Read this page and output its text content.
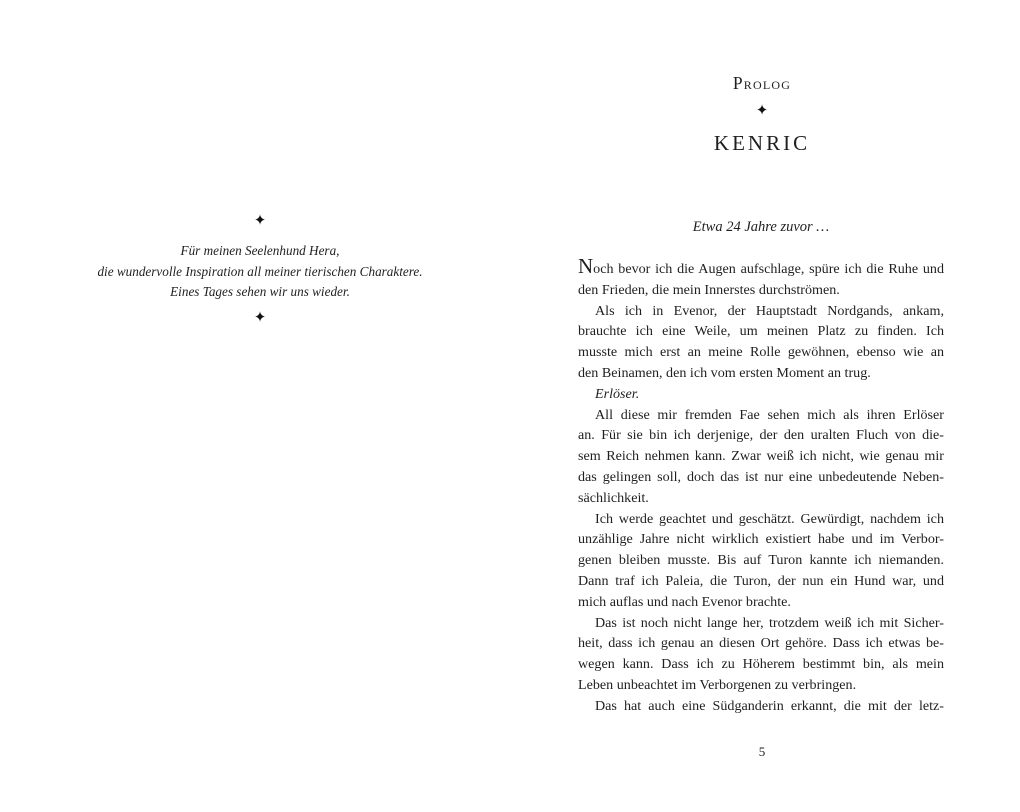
✦
Für meinen Seelenhund Hera,
die wundervolle Inspiration all meiner tierischen Charaktere.
Eines Tages sehen wir uns wieder.
✦
Prolog
✦
KENRIC
Etwa 24 Jahre zuvor …

Noch bevor ich die Augen aufschlage, spüre ich die Ruhe und

den Frieden, die mein Innerstes durchströmen.

Als ich in Evenor, der Hauptstadt Nordgands, ankam,

brauchte ich eine Weile, um meinen Platz zu finden. Ich

musste mich erst an meine Rolle gewöhnen, ebenso wie an

den Beinamen, den ich vom ersten Moment an trug.

Erlöser.

All diese mir fremden Fae sehen mich als ihren Erlöser

an. Für sie bin ich derjenige, der den uralten Fluch von die-

sem Reich nehmen kann. Zwar weiß ich nicht, wie genau mir

das gelingen soll, doch das ist nur eine unbedeutende Neben-

sächlichkeit.

Ich werde geachtet und geschätzt. Gewürdigt, nachdem ich

unzählige Jahre nicht wirklich existiert habe und im Verbor-

genen bleiben musste. Bis auf Turon kannte ich niemanden.

Dann traf ich Paleia, die Turon, der nun ein Hund war, und

mich auflas und nach Evenor brachte.

Das ist noch nicht lange her, trotzdem weiß ich mit Sicher-

heit, dass ich genau an diesen Ort gehöre. Dass ich etwas be-

wegen kann. Dass ich zu Höherem bestimmt bin, als mein

Leben unbeachtet im Verborgenen zu verbringen.

Das hat auch eine Südganderin erkannt, die mit der letz-

5
